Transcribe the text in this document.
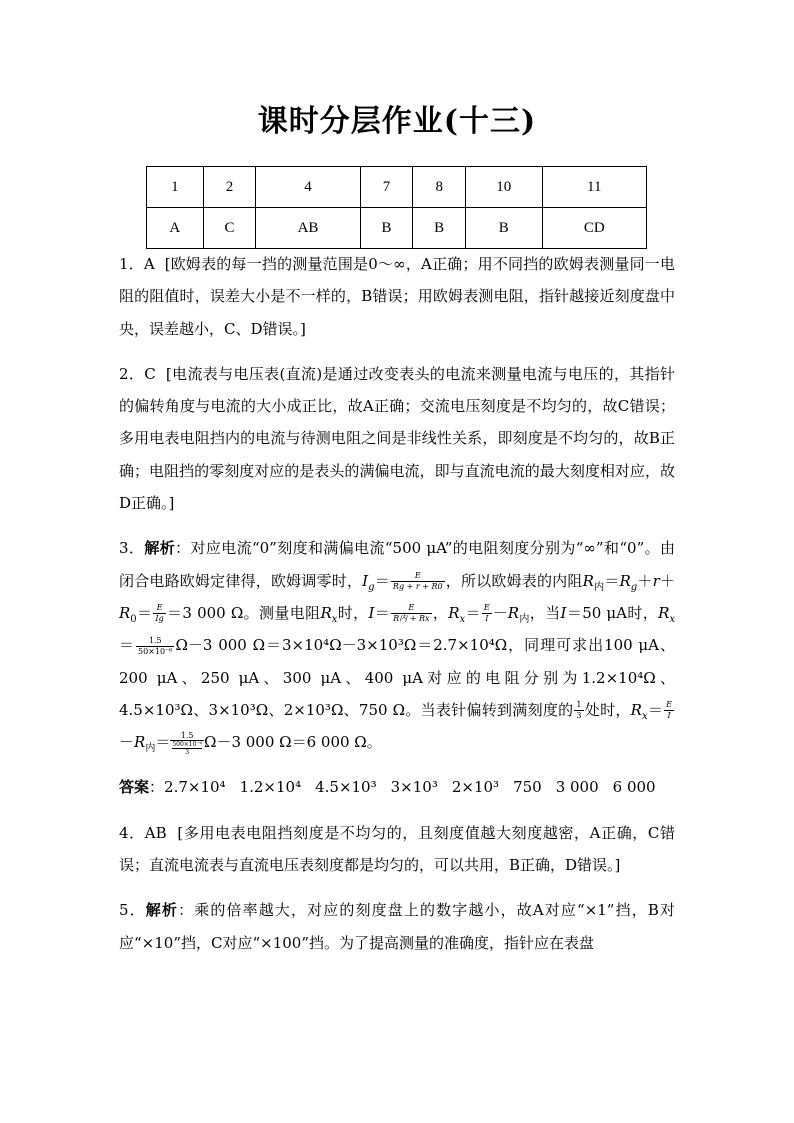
课时分层作业(十三)
1	2	4	7	8	10	11
A	C	AB	B	B	B	CD

1．A [欧姆表的每一挡的测量范围是0～∞，A正确；用不同挡的欧姆表测量同一电阻的阻值时，误差大小是不一样的，B错误；用欧姆表测电阻，指针越接近刻度盘中央，误差越小，C、D错误。]

2．C [电流表与电压表(直流)是通过改变表头的电流来测量电流与电压的，其指针的偏转角度与电流的大小成正比，故A正确；交流电压刻度是不均匀的，故C错误；多用电表电阻挡内的电流与待测电阻之间是非线性关系，即刻度是不均匀的，故B正确；电阻挡的零刻度对应的是表头的满偏电流，即与直流电流的最大刻度相对应，故D正确。]

3．解析：对应电流“0”刻度和满偏电流“500 μA”的电阻刻度分别为“∞”和“0”。由闭合电路欧姆定律得，欧姆调零时，$I_g= \frac{E}{Rg + r + R0}$ ，所以欧姆表的内阻$R_内=R_g+r+R_0= \frac{E}{Ig} =3$ 000 Ω。测量电阻$R_x$时，$I= \frac{E}{\text{R内 + Rx}}$ ，$R_x= \frac{E}{I} -R_内$，当I＝50 μA时，$R_x= \frac{1.5}{\text{50×10⁻⁶}} \Omega-3$ 000 Ω＝3×10⁴Ω－3×10³Ω＝2.7×10⁴Ω，同理可求出100 μA、200 μA、250 μA、300 μA、400 μA对应的电阻分别为1.2×10⁴Ω、4.5×10³Ω、3×10³Ω、2×10³Ω、750 Ω。当表针偏转到满刻度的 $\frac{1}{3}$ 处时，$R_x= \frac{E}{I}$
$-R_内= \frac{1.5}{\frac{\text{500×10⁻⁶}}{3}} \Omega-3$ 000 Ω＝6 000 Ω。

答案：2.7×10⁴ 1.2×10⁴ 4.5×10³ 3×10³ 2×10³ 750 3 000 6 000

4．AB [多用电表电阻挡刻度是不均匀的，且刻度值越大刻度越密，A正确，C错误；直流电流表与直流电压表刻度都是均匀的，可以共用，B正确，D错误。]

5．解析：乘的倍率越大，对应的刻度盘上的数字越小，故A对应“×1”挡，B对应“×10”挡，C对应“×100”挡。为了提高测量的准确度，指针应在表盘
